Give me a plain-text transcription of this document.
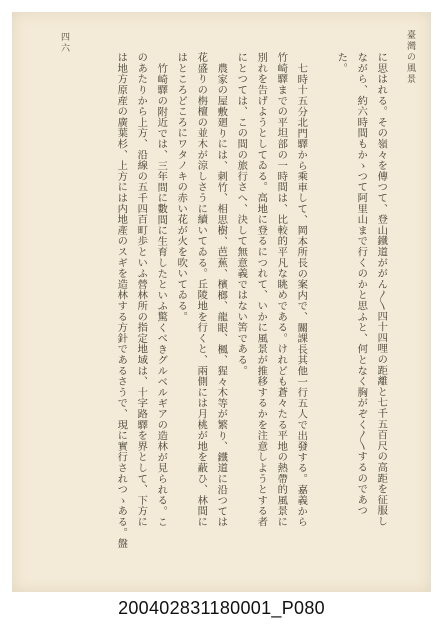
臺灣の風景
四六
に思はれる。その嶺々を傳つて、登山鐵道ががん〳〵四十四哩の距離と七千五百尺の高距を征服し
ながら、約六時間もかゝつて阿里山まで行くのかと思ふと、何となく胸がぞく〳〵するのであつ
た。
七時十五分北門驛から乘車して、岡本所長の案内で、關課長其他一行五人で出發する。嘉義から
竹崎驛までの平坦部の一時間は、比較的平凡な眺めである。けれども蒼々たる平地の熱帶的風景に
別れを告げようとしてゐる。高地に登るにつれて、いかに風景が推移するかを注意しようとする者
にとつては、この間の旅行さへ、決して無意義ではない筈である。
農家の屋敷廻りには、刺竹、相思樹、芭蕉、檳榔、龍眼、楓、猩々木等が繁り、鐵道に沿つては
花盛りの栴檀の並木が涼しさうに續いてゐる。丘陵地を行くと、兩側には月桃が地を蔽ひ、林間に
はところどころにワタノキの赤い花が火を吹いてゐる。
竹崎驛の附近では、三年間に數間に生育したといふ驚くべきグルベルギアの造林が見られる。こ
のあたりから上方、沿線の五千四百町歩といふ營林所の指定地域は、十字路驛を界として、下方に
は地方原産の廣葉杉、上方には内地產のスギを造林する方針であるさうで、現に實行されつゝある。盤
200402831180001_P080
